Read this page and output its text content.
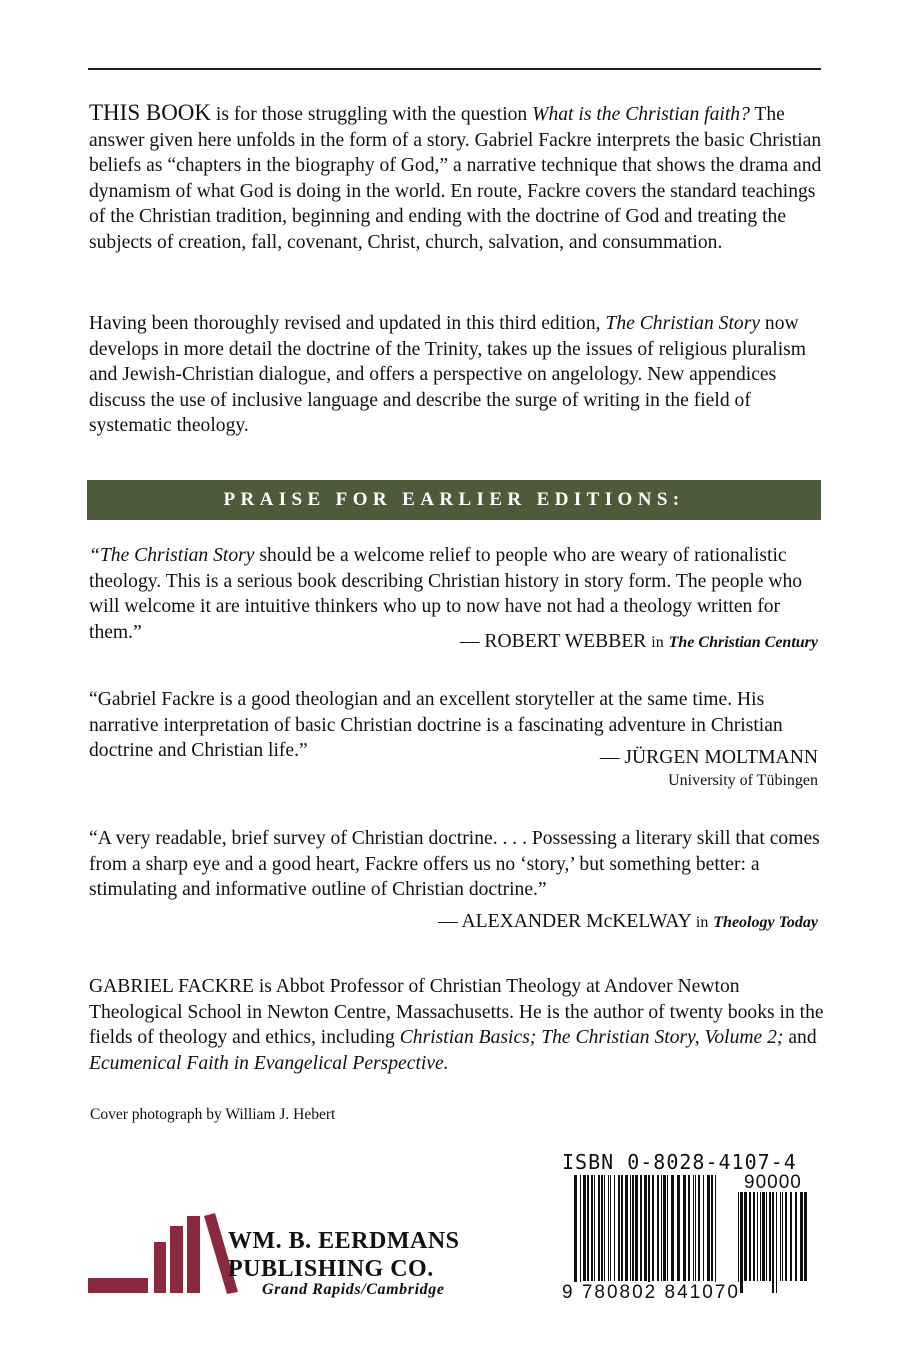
THIS BOOK is for those struggling with the question What is the Christian faith? The answer given here unfolds in the form of a story. Gabriel Fackre interprets the basic Christian beliefs as “chapters in the biography of God,” a narrative technique that shows the drama and dynamism of what God is doing in the world. En route, Fackre covers the standard teachings of the Christian tradition, beginning and ending with the doctrine of God and treating the subjects of creation, fall, covenant, Christ, church, salvation, and consummation.

Having been thoroughly revised and updated in this third edition, The Christian Story now develops in more detail the doctrine of the Trinity, takes up the issues of religious pluralism and Jewish-Christian dialogue, and offers a perspective on angelology. New appendices discuss the use of inclusive language and describe the surge of writing in the field of systematic theology.

PRAISE FOR EARLIER EDITIONS:

“The Christian Story should be a welcome relief to people who are weary of rationalistic theology. This is a serious book describing Christian history in story form. The people who will welcome it are intuitive thinkers who up to now have not had a theology written for them.”	— ROBERT WEBBER in The Christian Century

“Gabriel Fackre is a good theologian and an excellent storyteller at the same time. His narrative interpretation of basic Christian doctrine is a fascinating adventure in Christian doctrine and Christian life.”	— JÜRGEN MOLTMANN
University of Tübingen

“A very readable, brief survey of Christian doctrine. . . . Possessing a literary skill that comes from a sharp eye and a good heart, Fackre offers us no ‘story,’ but something better: a stimulating and informative outline of Christian doctrine.”

— ALEXANDER McKELWAY in Theology Today

GABRIEL FACKRE is Abbot Professor of Christian Theology at Andover Newton Theological School in Newton Centre, Massachusetts. He is the author of twenty books in the fields of theology and ethics, including Christian Basics; The Christian Story, Volume 2; and Ecumenical Faith in Evangelical Perspective.

Cover photograph by William J. Hebert
WM. B. EERDMANS
PUBLISHING CO.
Grand Rapids/Cambridge
ISBN 0-8028-4107-4
90000
9 780802 841070
